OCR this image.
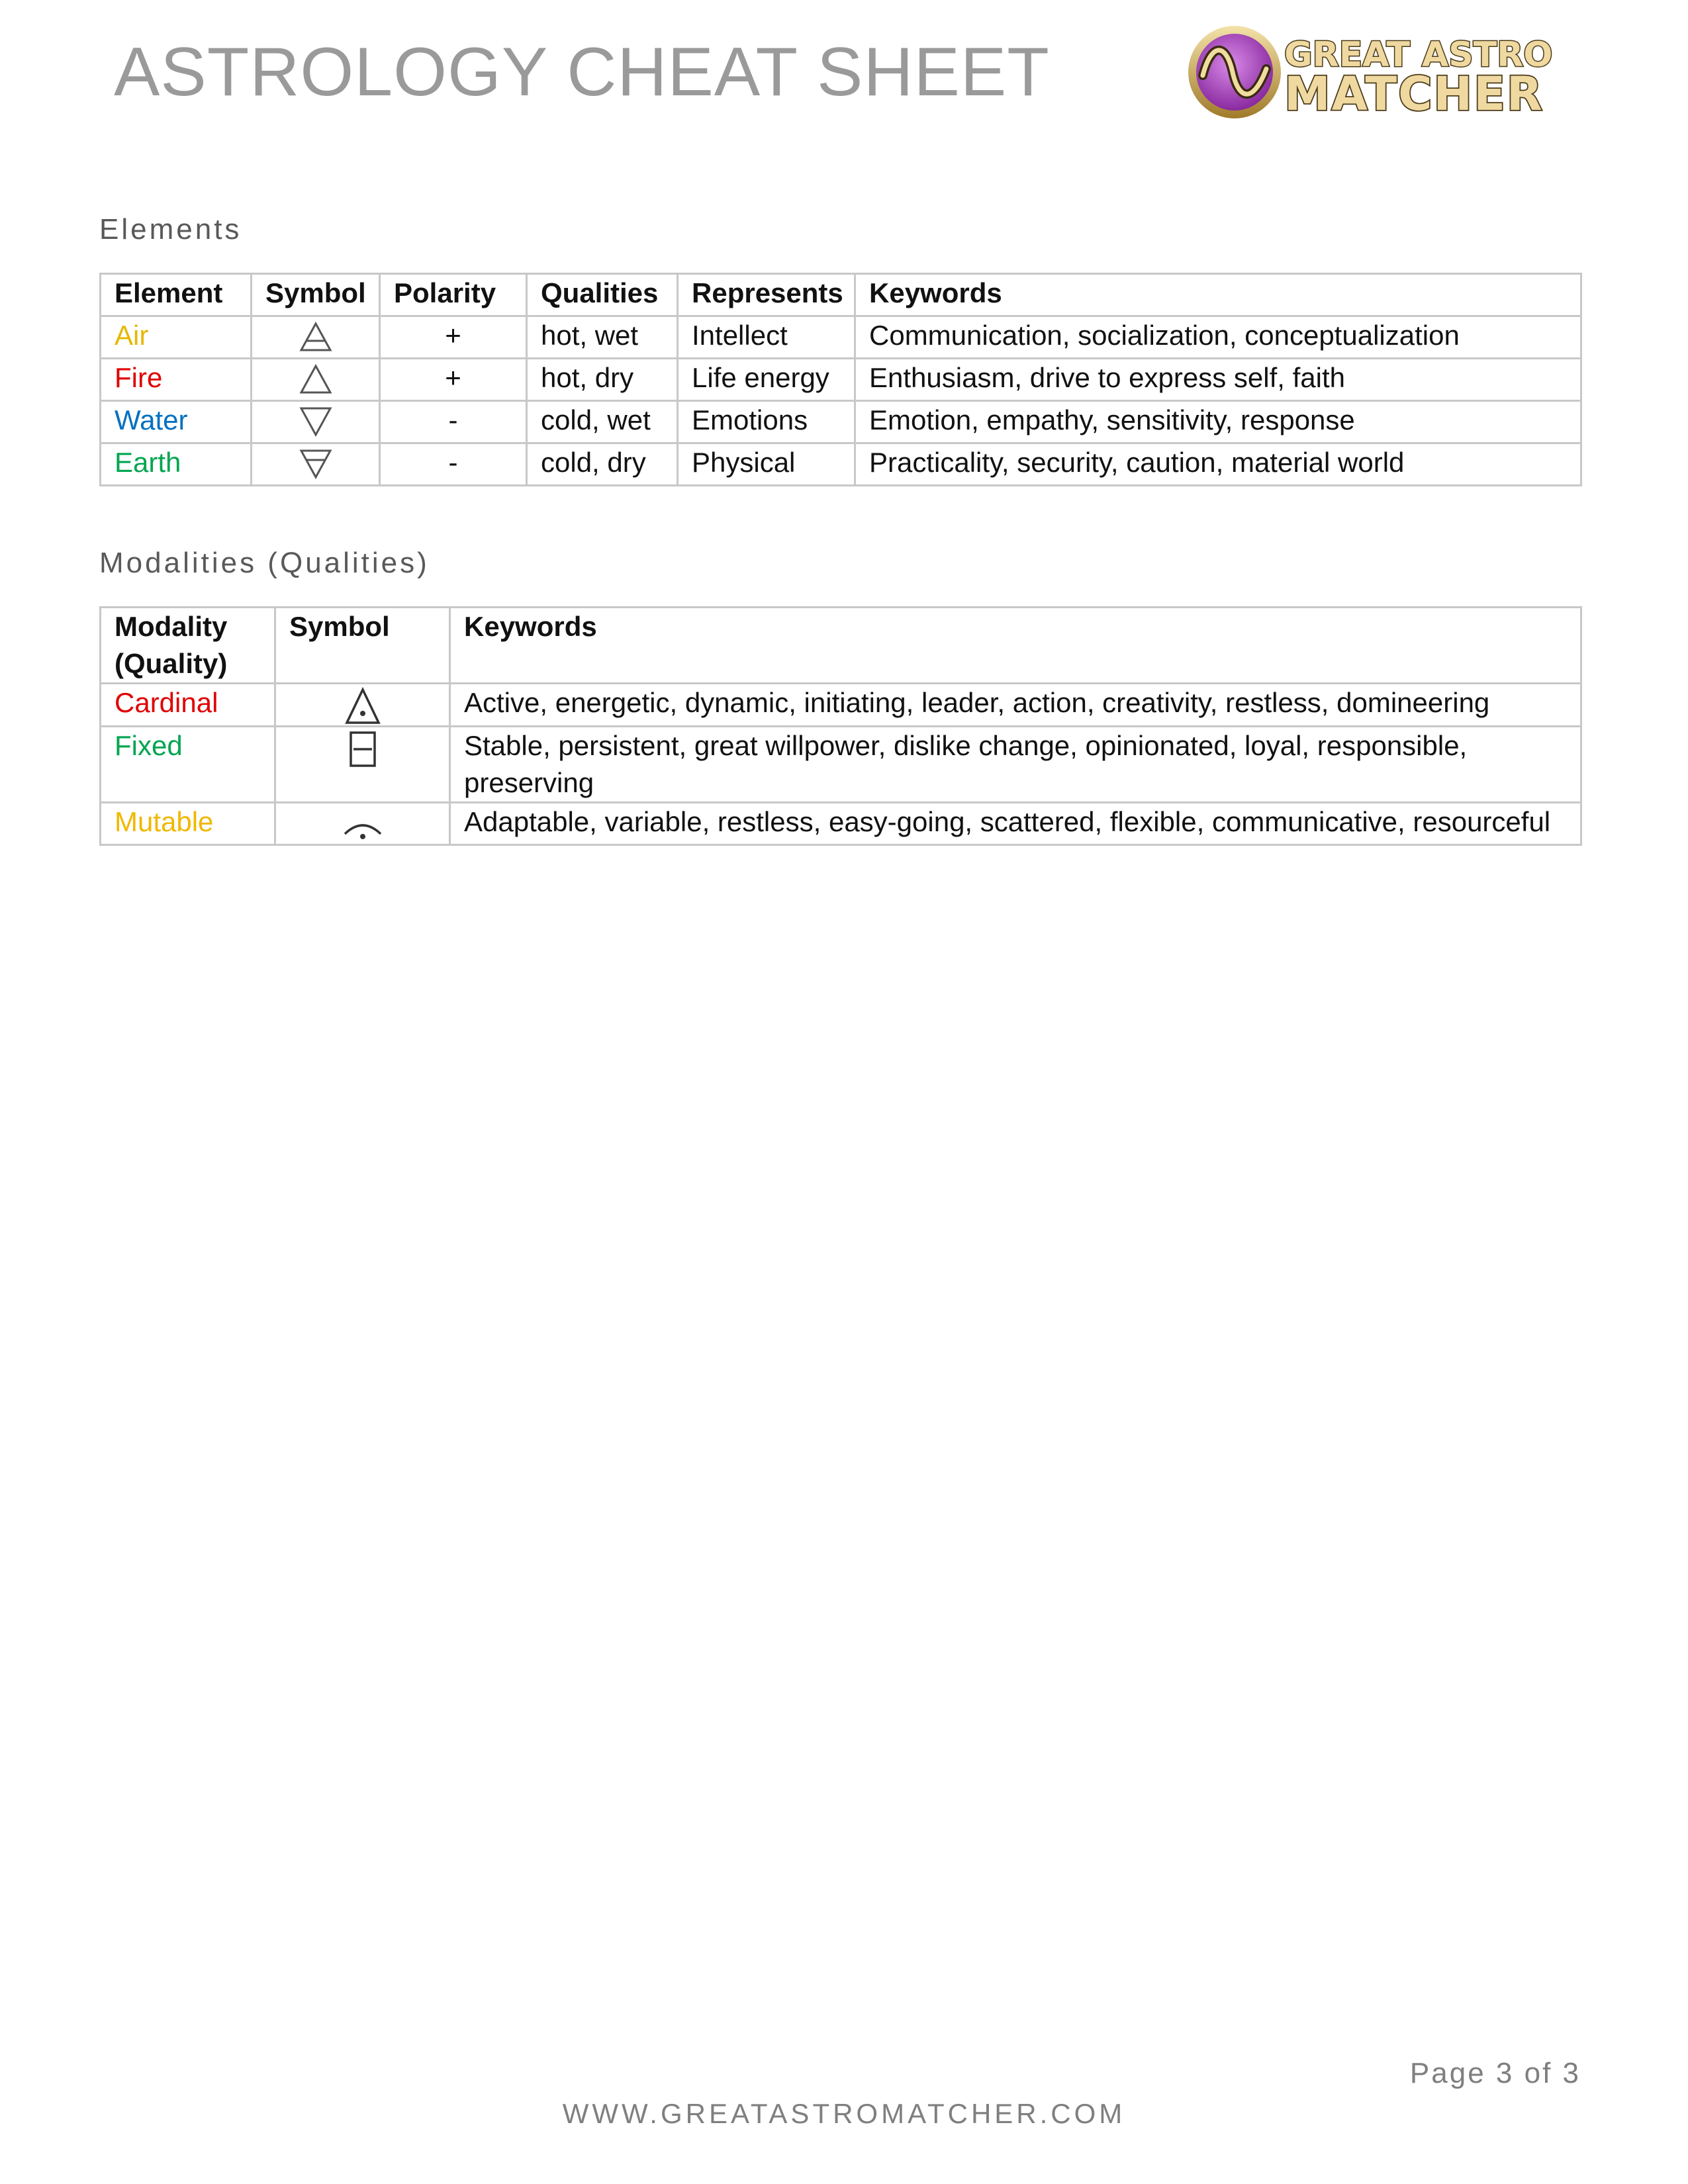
ASTROLOGY CHEAT SHEET	GREAT ASTRO
MATCHER
Elements
Element	Symbol	Polarity	Qualities	Represents	Keywords
Air		+	hot, wet	Intellect	Communication, socialization, conceptualization
Fire		+	hot, dry	Life energy	Enthusiasm, drive to express self, faith
Water		-	cold, wet	Emotions	Emotion, empathy, sensitivity, response
Earth		-	cold, dry	Physical	Practicality, security, caution, material world
Modalities (Qualities)
Modality (Quality)	Symbol	Keywords
Cardinal		Active, energetic, dynamic, initiating, leader, action, creativity, restless, domineering
Fixed		Stable, persistent, great willpower, dislike change, opinionated, loyal, responsible, preserving
Mutable		Adaptable, variable, restless, easy-going, scattered, flexible, communicative, resourceful
Page 3 of 3
WWW.GREATASTROMATCHER.COM
